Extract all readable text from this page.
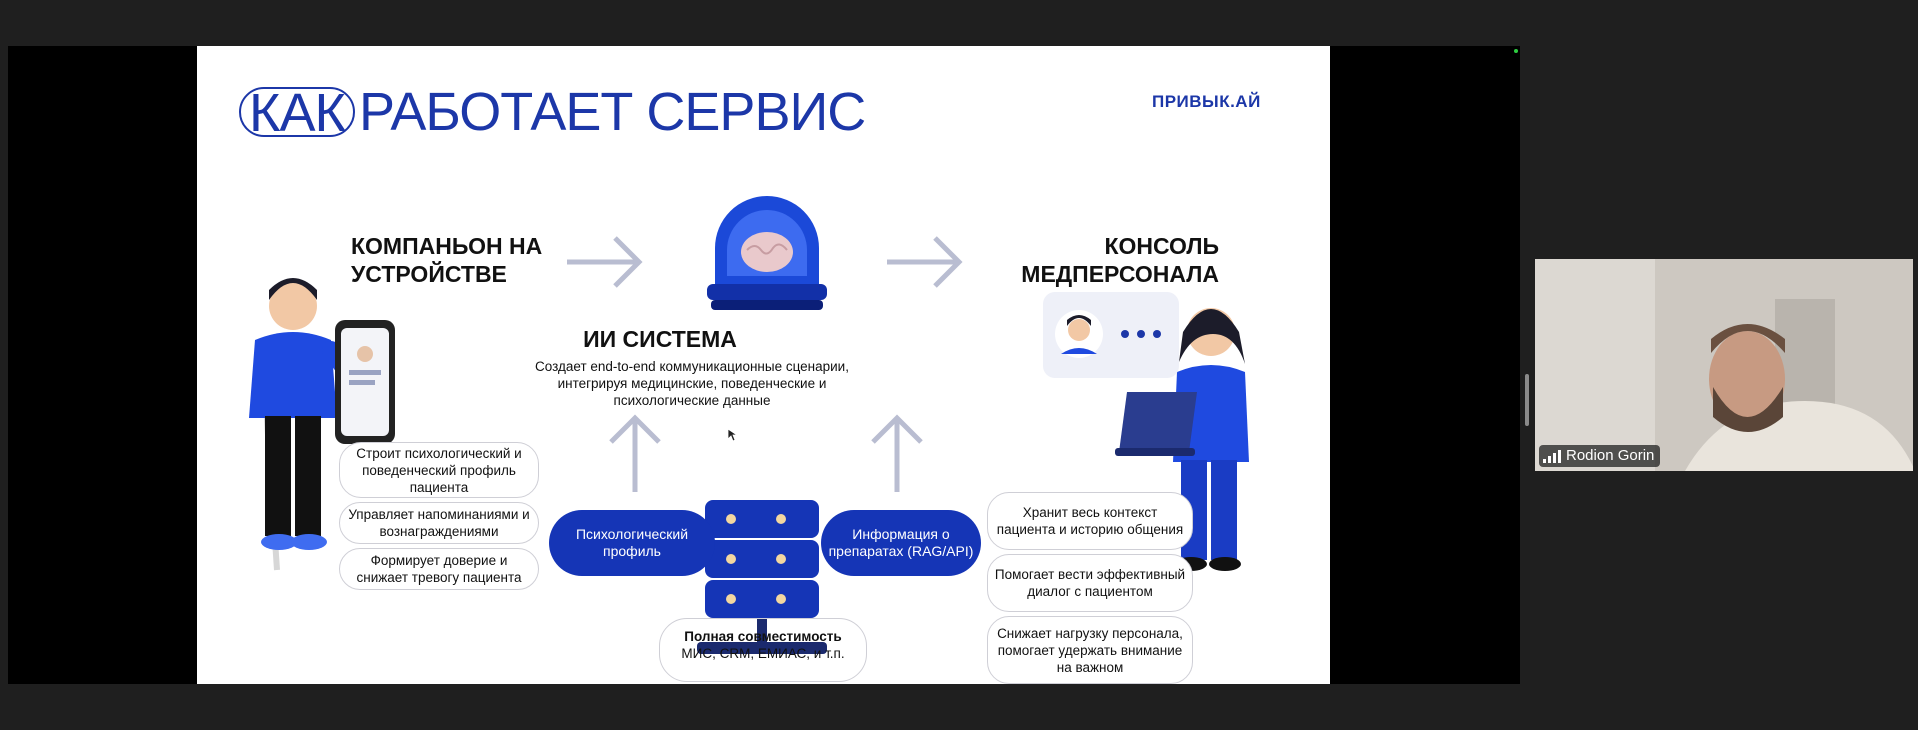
КАК РАБОТАЕТ СЕРВИС	ПРИВЫК.АЙ
КОМПАНЬОН НА
УСТРОЙСТВЕ
КОНСОЛЬ
МЕДПЕРСОНАЛА
ИИ СИСТЕМА
Создает end-to-end коммуникационные сценарии, интегрируя медицинские, поведенческие и психологические данные
Строит психологический и поведенческий профиль пациента
Управляет напоминаниями и вознаграждениями
Формирует доверие и снижает тревогу пациента
Хранит весь контекст пациента и историю общения
Помогает вести эффективный диалог с пациентом
Снижает нагрузку персонала, помогает удержать внимание на важном
Психологический профиль
Информация о препаратах (RAG/API)
Полная совместимость
МИС, CRM, ЕМИАС, и т.п.
Rodion Gorin
